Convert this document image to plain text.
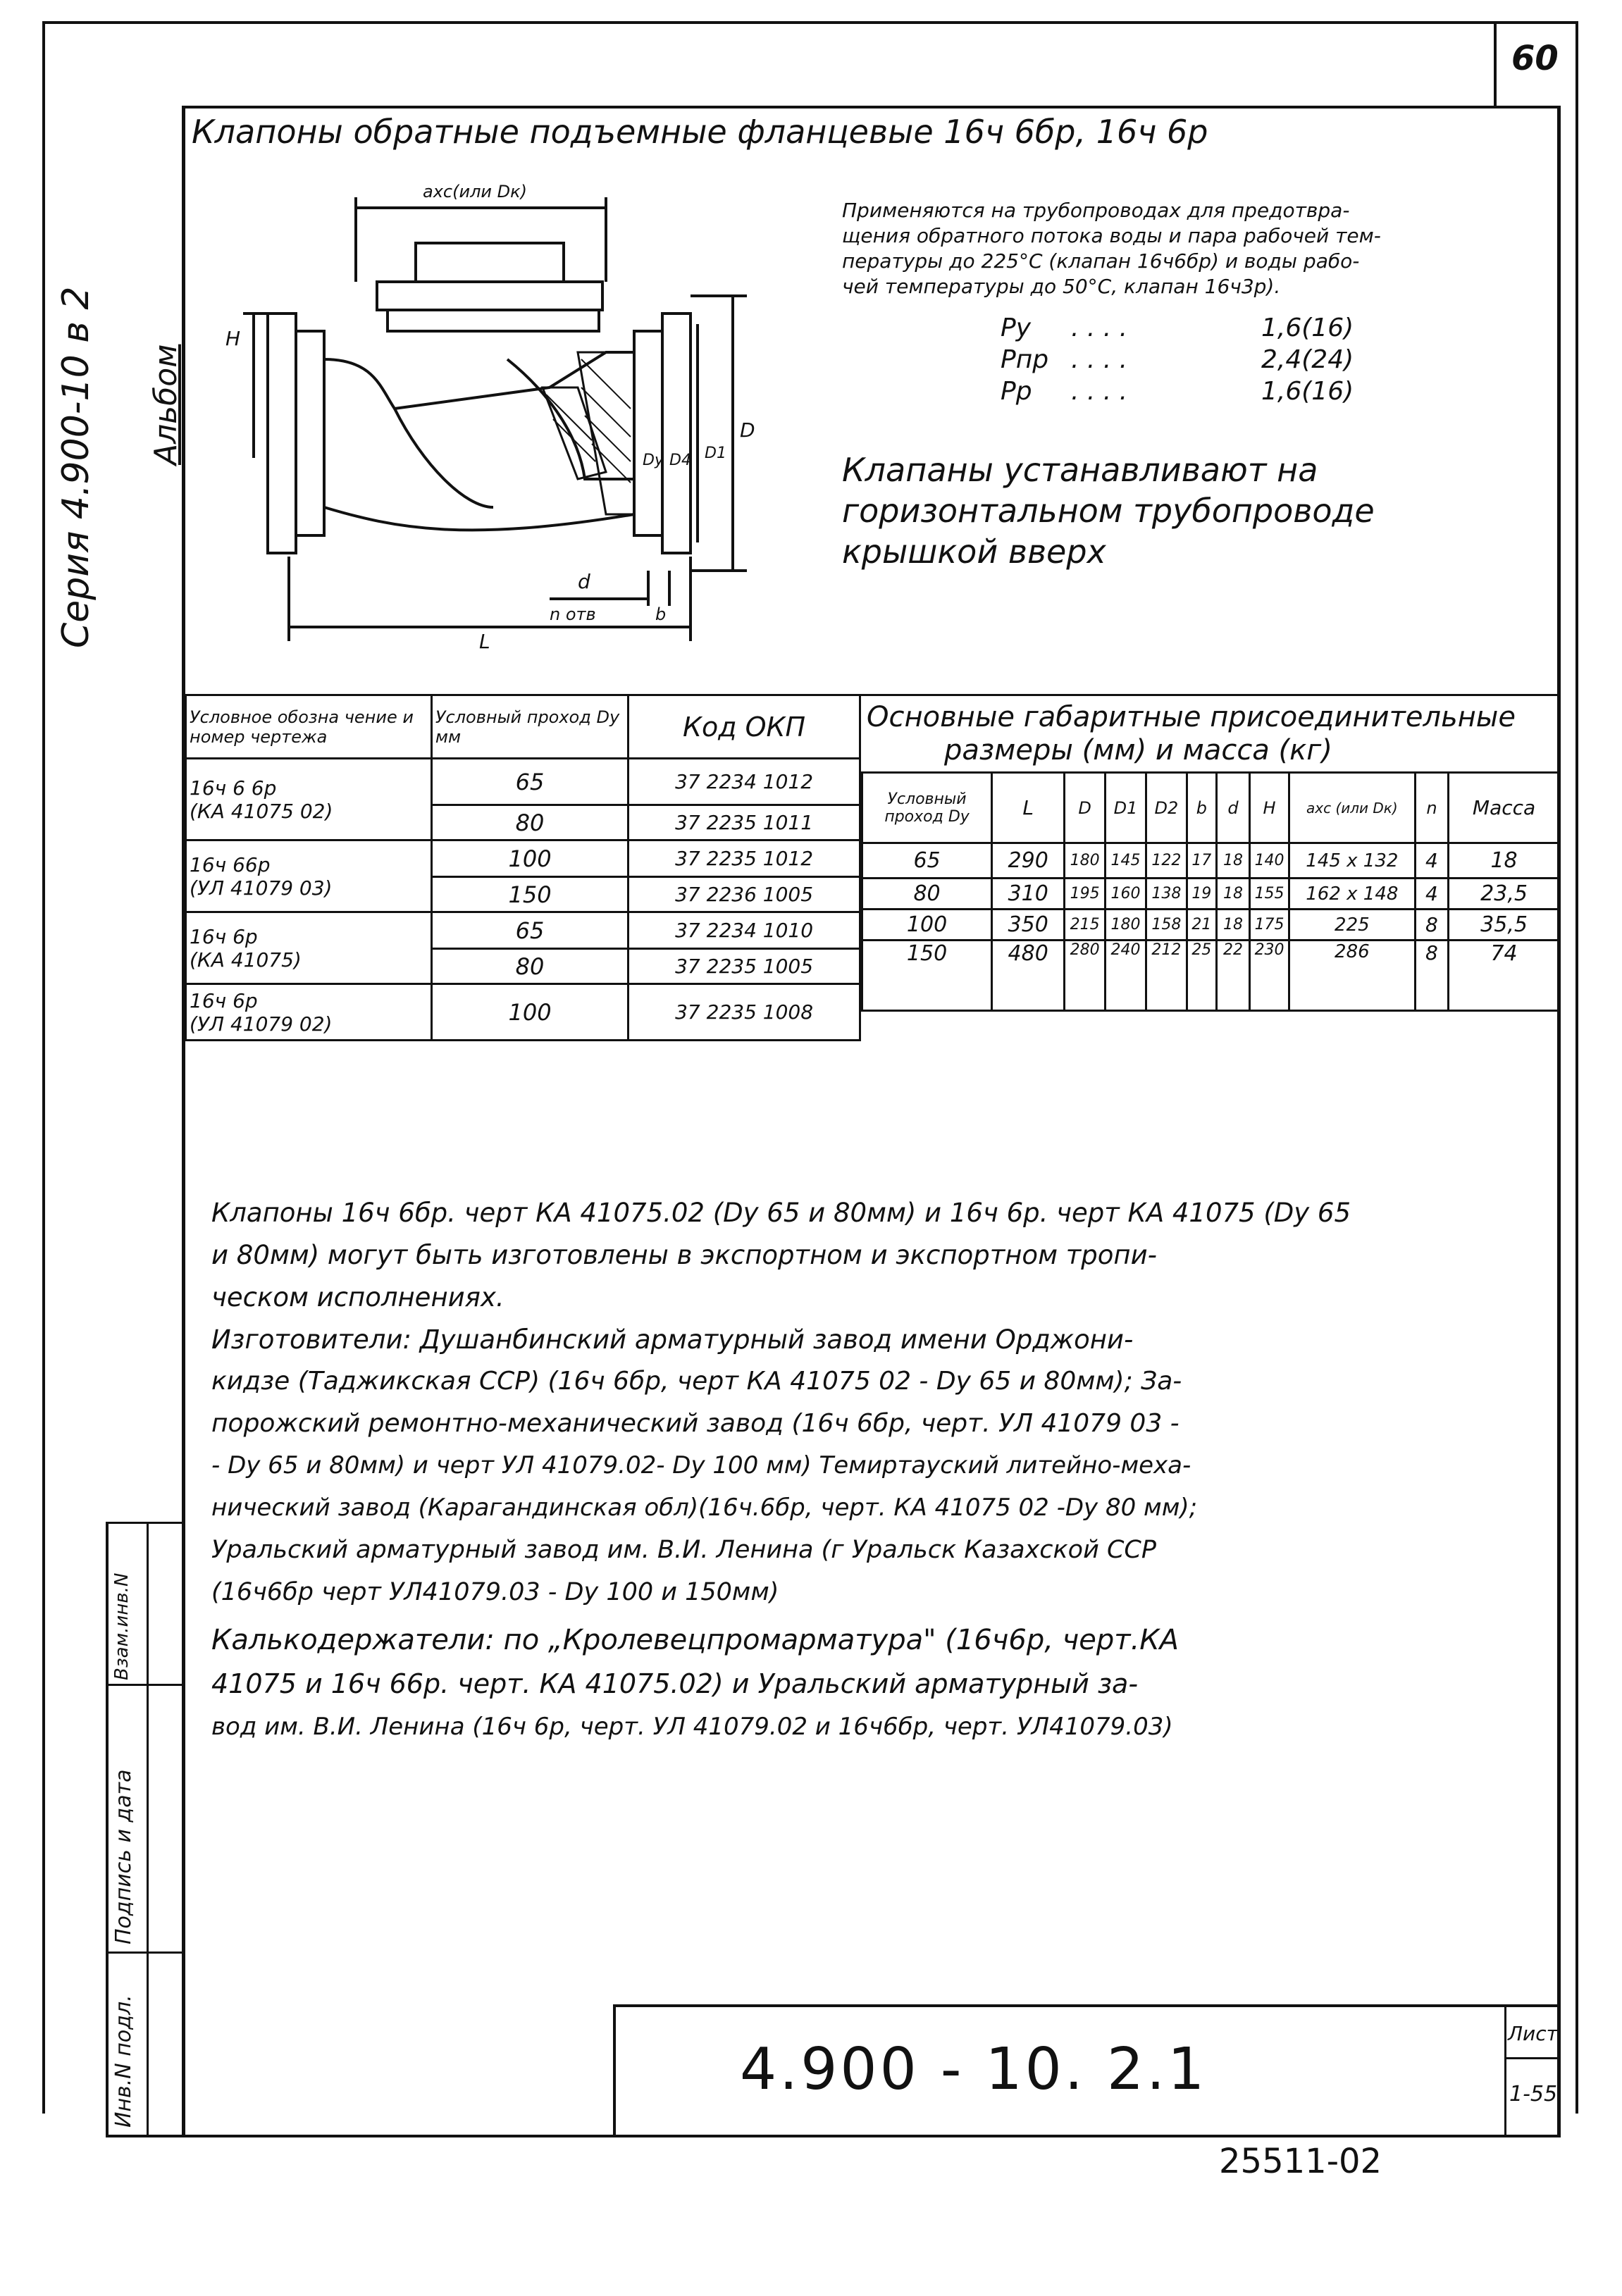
60
Клапоны обратные подъемные фланцевые 16ч 6бр, 16ч 6р
Серия 4.900-10 в 2 Альбом
Инв.N подл.
Подпись и дата
Взам.инв.N
axc(или Dк)
H
Dy D4 D1
D
d
n отв	b
L
Применяются на трубопроводах для предотвра-
щения обратного потока воды и пара рабочей тем-
пературы до 225°С (клапан 16ч6бр) и воды рабо-
чей температуры до 50°С, клапан 16ч3р).
Ру . . . .	1,6(16)
Рпр . . . .	2,4(24)
Рр . . . .	1,6(16)
Клапаны устанавливают на
горизонтальном трубопроводе
крышкой вверх
Условное обозна чение и номер чертежа	Условный проход Dy мм	Код ОКП

16ч 6 6р
(КА 41075 02)	65	37 2234 1012
	80	37 2235 1011

16ч 66р
(УЛ 41079 03)	100	37 2235 1012
	150	37 2236 1005

16ч 6р
(КА 41075)	65	37 2234 1010
	80	37 2235 1005

16ч 6р
(УЛ 41079 02)	100	37 2235 1008
Основные габаритные присоединительные
размеры (мм) и масса (кг)
Условный проход Dy	L	D	D1	D2	b	d	H	axc (или Dк)	n	Масса
65	290	180	145	122	17	18	140	145 x 132	4	18
80	310	195	160	138	19	18	155	162 x 148	4	23,5
100	350	215	180	158	21	18	175	225	8	35,5
150	480	280	240	212	25	22	230	286	8	74
Клапоны 16ч 6бр. черт КА 41075.02 (Dy 65 и 80мм) и 16ч 6р. черт КА 41075 (Dy 65
и 80мм) могут быть изготовлены в экспортном и экспортном тропи-
ческом исполнениях.
Изготовители: Душанбинский арматурный завод имени Орджони-
кидзе (Таджикская ССР) (16ч 6бр, черт КА 41075 02 - Dy 65 и 80мм); За-
порожский ремонтно-механический завод (16ч 6бр, черт. УЛ 41079 03 -
- Dy 65 и 80мм) и черт УЛ 41079.02- Dy 100 мм) Темиртауский литейно-меха-
нический завод (Карагандинская обл)(16ч.6бр, черт. КА 41075 02 -Dy 80 мм);
Уральский арматурный завод им. В.И. Ленина (г Уральск Казахской ССР
(16ч6бр черт УЛ41079.03 - Dy 100 и 150мм)
Калькодержатели: по „Кролевецпромарматура" (16ч6р, черт.КА
41075 и 16ч 66р. черт. КА 41075.02) и Уральский арматурный за-
вод им. В.И. Ленина (16ч 6р, черт. УЛ 41079.02 и 16ч6бр, черт. УЛ41079.03)
4.900 - 10. 2.1
Лист
1-55
25511-02
